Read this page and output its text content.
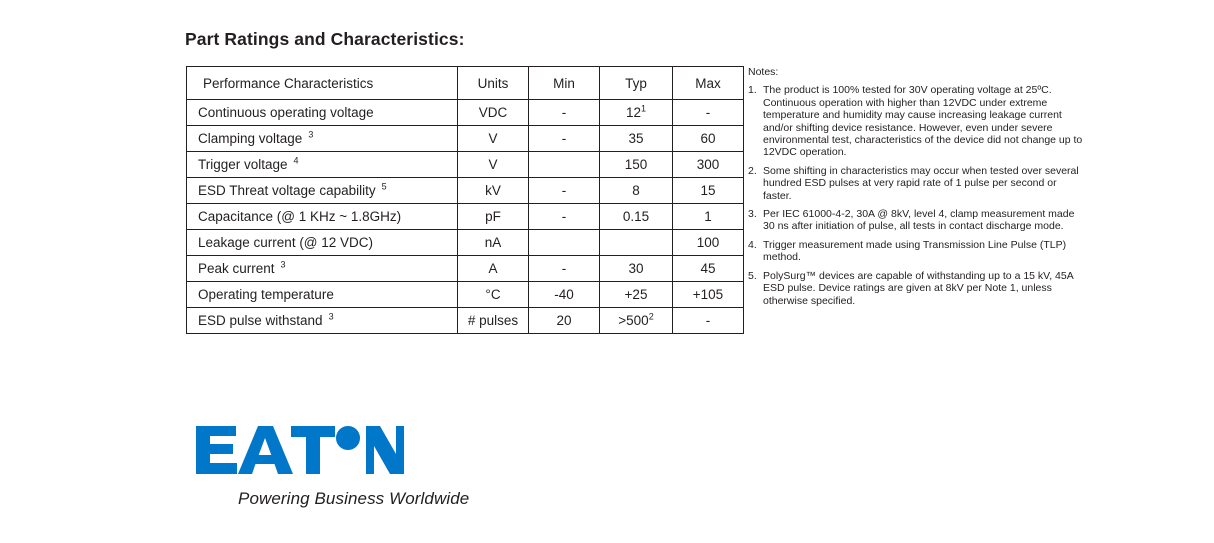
Part Ratings and Characteristics:
Performance Characteristics	Units	Min	Typ	Max
Continuous operating voltage	VDC	-	12$^1$	-
Clamping voltage $^3$	V	-	35	60
Trigger voltage $^4$	V		150	300
ESD Threat voltage capability $^5$	kV	-	8	15
Capacitance (@ 1 KHz ~ 1.8GHz)	pF	-	0.15	1
Leakage current (@ 12 VDC)	nA			100
Peak current $^3$	A	-	30	45
Operating temperature	°C	-40	+25	+105
ESD pulse withstand $^3$	# pulses	20	>500$^2$	-
Notes:
1. The product is 100% tested for 30V operating voltage at 25ºC. Continuous operation with higher than 12VDC under extreme temperature and humidity may cause increasing leakage current and/or shifting device resistance. However, even under severe environmental test, characteristics of the device did not change up to 12VDC operation.
2. Some shifting in characteristics may occur when tested over several hundred ESD pulses at very rapid rate of 1 pulse per second or faster.
3. Per IEC 61000-4-2, 30A @ 8kV, level 4, clamp measurement made 30 ns after initiation of pulse, all tests in contact discharge mode.
4. Trigger measurement made using Transmission Line Pulse (TLP) method.
5. PolySurg™ devices are capable of withstanding up to a 15 kV, 45A ESD pulse. Device ratings are given at 8kV per Note 1, unless otherwise specified.
Powering Business Worldwide
